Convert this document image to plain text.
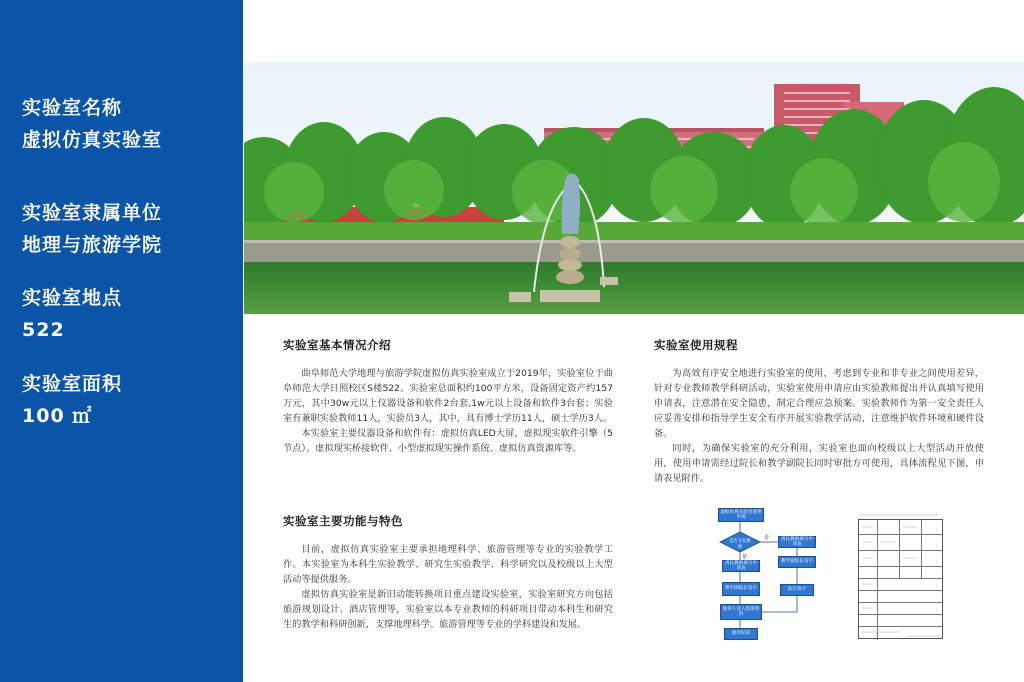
实验室名称
虚拟仿真实验室
实验室隶属单位
地理与旅游学院
实验室地点
522
实验室面积
100 ㎡
实验室基本情况介绍

曲阜师范大学地理与旅游学院虚拟仿真实验室成立于2019年，实验室位于曲阜师范大学日照校区S楼522。实验室总面积约100平方米，设备固定资产约157万元，其中30w元以上仪器设备和软件2台套,1w元以上设备和软件3台套；实验室有兼职实验教师11人，实验员3人，其中，具有博士学历11人，硕士学历3人。

本实验室主要仪器设备和软件有：虚拟仿真LED大屏，虚拟现实软件引擎（5节点）、虚拟现实桥接软件、小型虚拟现实操作系统、虚拟仿真资源库等。

实验室主要功能与特色

目前，虚拟仿真实验室主要承担地理科学、旅游管理等专业的实验教学工作。本实验室为本科生实验教学、研究生实验教学、科学研究以及校级以上大型活动等提供服务。

虚拟仿真实验室是新旧动能转换项目重点建设实验室，实验室研究方向包括旅游规划设计、酒店管理等，实验室以本专业教师的科研项目带动本科生和研究生的教学和科研创新，支撑地理科学、旅游管理等专业的学科建设和发展。

实验室使用规程

为高效有序安全地进行实验室的使用，考虑到专业和非专业之间使用差异，针对专业教师教学科研活动，实验室使用申请应由实验教师提出并认真填写使用申请表，注意潜在安全隐患，制定合理应急预案。实验教师作为第一安全责任人应妥善安排和指导学生安全有序开展实验教学活动，注意维护软件环境和硬件设备。

同时，为确保实验室的充分利用，实验室也面向校级以上大型活动开放使用，使用申请需经过院长和教学副院长同时审批方可使用，具体流程见下图，申请表见附件。

虚拟仿真实验室使用申请
是否专业教师
否
是
责任教师填写申请表
责任教师填写申请表
教学副院长签字
教学副院长签字	院长签字
使用人录入借用资料
使用结束
